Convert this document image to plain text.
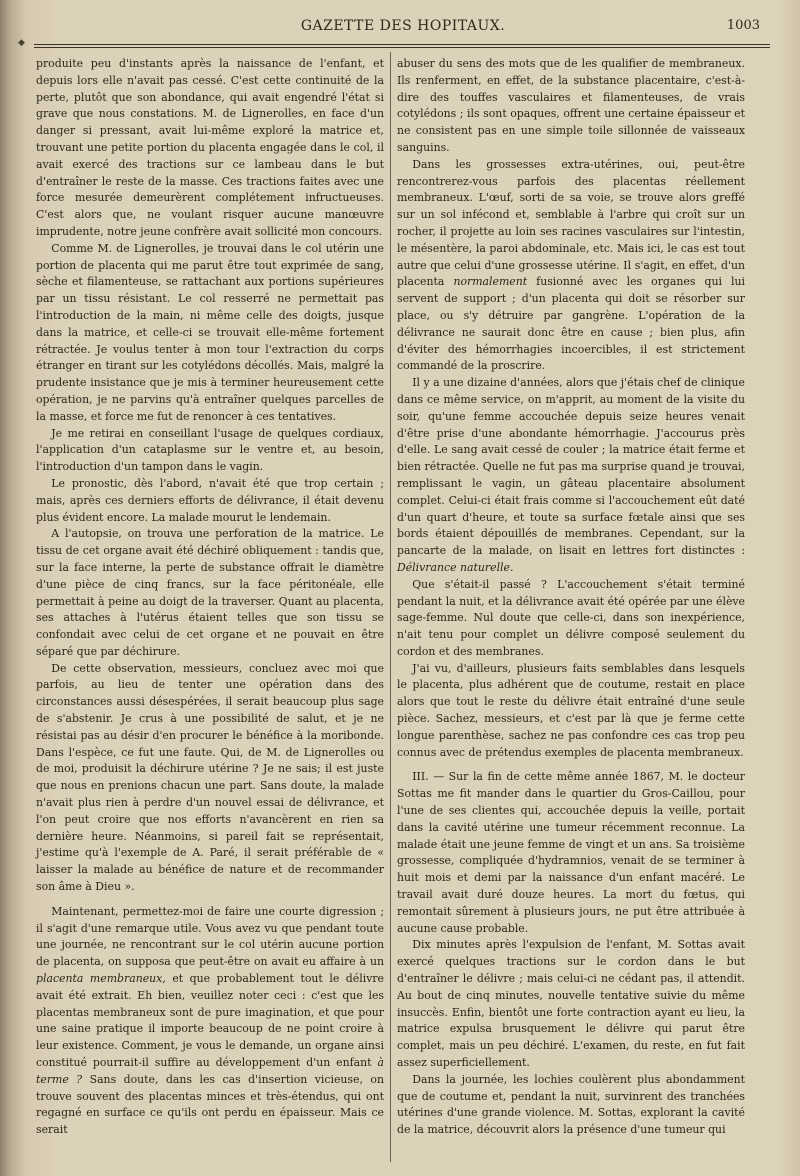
◆
GAZETTE DES HOPITAUX.	1003

produite peu d'instants après la naissance de l'enfant, et depuis lors elle n'avait pas cessé. C'est cette continuité de la perte, plutôt que son abondance, qui avait engendré l'état si grave que nous constations. M. de Lignerolles, en face d'un danger si pressant, avait lui-même exploré la matrice et, trouvant une petite portion du placenta engagée dans le col, il avait exercé des tractions sur ce lambeau dans le but d'entraîner le reste de la masse. Ces tractions faites avec une force mesurée demeurèrent complétement infructueuses. C'est alors que, ne voulant risquer aucune manœuvre imprudente, notre jeune confrère avait sollicité mon concours.

Comme M. de Lignerolles, je trouvai dans le col utérin une portion de placenta qui me parut être tout exprimée de sang, sèche et filamenteuse, se rattachant aux portions supérieures par un tissu résistant. Le col resserré ne permettait pas l'introduction de la main, ni même celle des doigts, jusque dans la matrice, et celle-ci se trouvait elle-même fortement rétractée. Je voulus tenter à mon tour l'extraction du corps étranger en tirant sur les cotylédons décollés. Mais, malgré la prudente insistance que je mis à terminer heureusement cette opération, je ne parvins qu'à entraîner quelques parcelles de la masse, et force me fut de renoncer à ces tentatives.

Je me retirai en conseillant l'usage de quelques cordiaux, l'application d'un cataplasme sur le ventre et, au besoin, l'introduction d'un tampon dans le vagin.

Le pronostic, dès l'abord, n'avait été que trop certain ; mais, après ces derniers efforts de délivrance, il était devenu plus évident encore. La malade mourut le lendemain.

A l'autopsie, on trouva une perforation de la matrice. Le tissu de cet organe avait été déchiré obliquement : tandis que, sur la face interne, la perte de substance offrait le diamètre d'une pièce de cinq francs, sur la face péritonéale, elle permettait à peine au doigt de la traverser. Quant au placenta, ses attaches à l'utérus étaient telles que son tissu se confondait avec celui de cet organe et ne pouvait en être séparé que par déchirure.

De cette observation, messieurs, concluez avec moi que parfois, au lieu de tenter une opération dans des circonstances aussi désespérées, il serait beaucoup plus sage de s'abstenir. Je crus à une possibilité de salut, et je ne résistai pas au désir d'en procurer le bénéfice à la moribonde. Dans l'espèce, ce fut une faute. Qui, de M. de Lignerolles ou de moi, produisit la déchirure utérine ? Je ne sais; il est juste que nous en prenions chacun une part. Sans doute, la malade n'avait plus rien à perdre d'un nouvel essai de délivrance, et l'on peut croire que nos efforts n'avancèrent en rien sa dernière heure. Néanmoins, si pareil fait se représentait, j'estime qu'à l'exemple de A. Paré, il serait préférable de « laisser la malade au bénéfice de nature et de recommander son âme à Dieu ».

Maintenant, permettez-moi de faire une courte digression ; il s'agit d'une remarque utile. Vous avez vu que pendant toute une journée, ne rencontrant sur le col utérin aucune portion de placenta, on supposa que peut-être on avait eu affaire à un placenta membraneux, et que probablement tout le délivre avait été extrait. Eh bien, veuillez noter ceci : c'est que les placentas membraneux sont de pure imagination, et que pour une saine pratique il importe beaucoup de ne point croire à leur existence. Comment, je vous le demande, un organe ainsi constitué pourrait-il suffire au développement d'un enfant à terme ? Sans doute, dans les cas d'insertion vicieuse, on trouve souvent des placentas minces et très-étendus, qui ont regagné en surface ce qu'ils ont perdu en épaisseur. Mais ce serait

abuser du sens des mots que de les qualifier de membraneux. Ils renferment, en effet, de la substance placentaire, c'est-à-dire des touffes vasculaires et filamenteuses, de vrais cotylédons ; ils sont opaques, offrent une certaine épaisseur et ne consistent pas en une simple toile sillonnée de vaisseaux sanguins.

Dans les grossesses extra-utérines, oui, peut-être rencontrerez-vous parfois des placentas réellement membraneux. L'œuf, sorti de sa voie, se trouve alors greffé sur un sol infécond et, semblable à l'arbre qui croît sur un rocher, il projette au loin ses racines vasculaires sur l'intestin, le mésentère, la paroi abdominale, etc. Mais ici, le cas est tout autre que celui d'une grossesse utérine. Il s'agit, en effet, d'un placenta normalement fusionné avec les organes qui lui servent de support ; d'un placenta qui doit se résorber sur place, ou s'y détruire par gangrène. L'opération de la délivrance ne saurait donc être en cause ; bien plus, afin d'éviter des hémorrhagies incoercibles, il est strictement commandé de la proscrire.

Il y a une dizaine d'années, alors que j'étais chef de clinique dans ce même service, on m'apprit, au moment de la visite du soir, qu'une femme accouchée depuis seize heures venait d'être prise d'une abondante hémorrhagie. J'accourus près d'elle. Le sang avait cessé de couler ; la matrice était ferme et bien rétractée. Quelle ne fut pas ma surprise quand je trouvai, remplissant le vagin, un gâteau placentaire absolument complet. Celui-ci était frais comme si l'accouchement eût daté d'un quart d'heure, et toute sa surface fœtale ainsi que ses bords étaient dépouillés de membranes. Cependant, sur la pancarte de la malade, on lisait en lettres fort distinctes : Délivrance naturelle.

Que s'était-il passé ? L'accouchement s'était terminé pendant la nuit, et la délivrance avait été opérée par une élève sage-femme. Nul doute que celle-ci, dans son inexpérience, n'ait tenu pour complet un délivre composé seulement du cordon et des membranes.

J'ai vu, d'ailleurs, plusieurs faits semblables dans lesquels le placenta, plus adhérent que de coutume, restait en place alors que tout le reste du délivre était entraîné d'une seule pièce. Sachez, messieurs, et c'est par là que je ferme cette longue parenthèse, sachez ne pas confondre ces cas trop peu connus avec de prétendus exemples de placenta membraneux.

III. — Sur la fin de cette même année 1867, M. le docteur Sottas me fit mander dans le quartier du Gros-Caillou, pour l'une de ses clientes qui, accouchée depuis la veille, portait dans la cavité utérine une tumeur récemment reconnue. La malade était une jeune femme de vingt et un ans. Sa troisième grossesse, compliquée d'hydramnios, venait de se terminer à huit mois et demi par la naissance d'un enfant macéré. Le travail avait duré douze heures. La mort du fœtus, qui remontait sûrement à plusieurs jours, ne put être attribuée à aucune cause probable.

Dix minutes après l'expulsion de l'enfant, M. Sottas avait exercé quelques tractions sur le cordon dans le but d'entraîner le délivre ; mais celui-ci ne cédant pas, il attendit. Au bout de cinq minutes, nouvelle tentative suivie du même insuccès. Enfin, bientôt une forte contraction ayant eu lieu, la matrice expulsa brusquement le délivre qui parut être complet, mais un peu déchiré. L'examen, du reste, en fut fait assez superficiellement.

Dans la journée, les lochies coulèrent plus abondamment que de coutume et, pendant la nuit, survinrent des tranchées utérines d'une grande violence. M. Sottas, explorant la cavité de la matrice, découvrit alors la présence d'une tumeur qui
